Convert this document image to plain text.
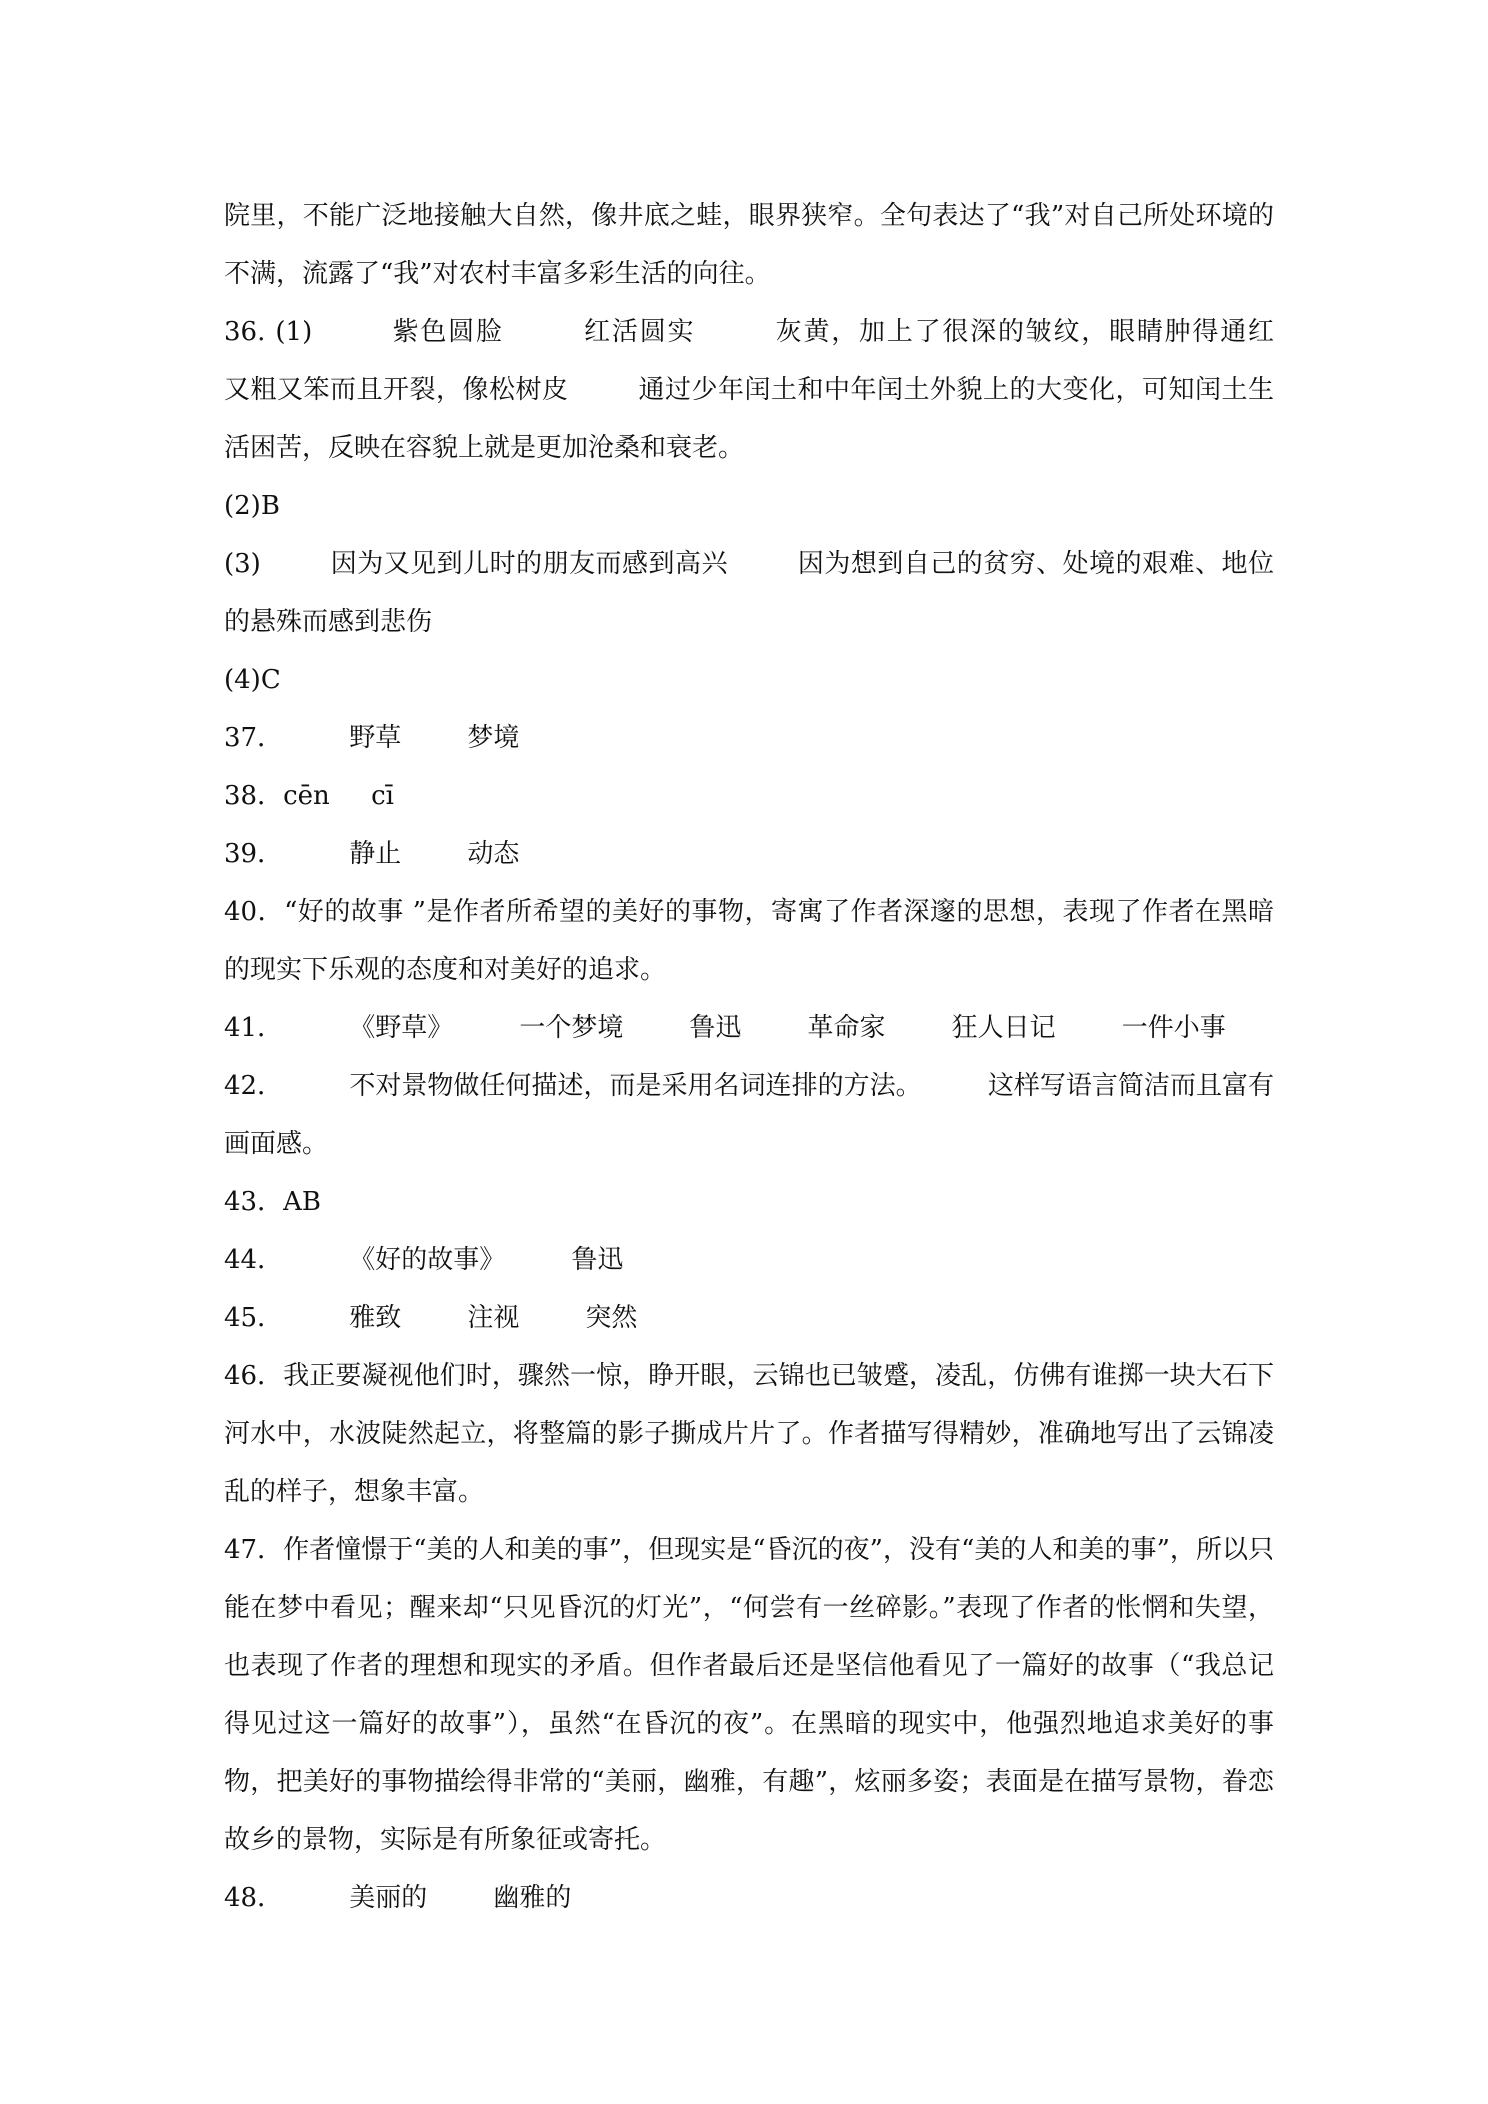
院里，不能广泛地接触大自然，像井底之蛙，眼界狭窄。全句表达了“我”对自己所处环境的不满，流露了“我”对农村丰富多彩生活的向往。

36. (1)        紫色圆脸        红活圆实        灰黄，加上了很深的皱纹，眼睛肿得通红        又粗又笨而且开裂，像松树皮        通过少年闰土和中年闰土外貌上的大变化，可知闰土生活困苦，反映在容貌上就是更加沧桑和衰老。

(2)B

(3)        因为又见到儿时的朋友而感到高兴        因为想到自己的贫穷、处境的艰难、地位的悬殊而感到悲伤

(4)C

37．        野草        梦境

38．cēn     cī

39．        静止        动态

40．“好的故事 ”是作者所希望的美好的事物，寄寓了作者深邃的思想，表现了作者在黑暗的现实下乐观的态度和对美好的追求。

41．        《野草》        一个梦境        鲁迅        革命家        狂人日记        一件小事

42．        不对景物做任何描述，而是采用名词连排的方法。        这样写语言简洁而且富有画面感。

43．AB

44．        《好的故事》        鲁迅

45．        雅致        注视        突然

46．我正要凝视他们时，骤然一惊，睁开眼，云锦也已皱蹙，凌乱，仿佛有谁掷一块大石下河水中，水波陡然起立，将整篇的影子撕成片片了。作者描写得精妙，准确地写出了云锦凌乱的样子，想象丰富。

47．作者憧憬于“美的人和美的事”，但现实是“昏沉的夜”，没有“美的人和美的事”，所以只能在梦中看见；醒来却“只见昏沉的灯光”，“何尝有一丝碎影。”表现了作者的怅惘和失望，也表现了作者的理想和现实的矛盾。但作者最后还是坚信他看见了一篇好的故事（“我总记得见过这一篇好的故事”），虽然“在昏沉的夜”。在黑暗的现实中，他强烈地追求美好的事物，把美好的事物描绘得非常的“美丽，幽雅，有趣”，炫丽多姿；表面是在描写景物，眷恋故乡的景物，实际是有所象征或寄托。

48．        美丽的        幽雅的
